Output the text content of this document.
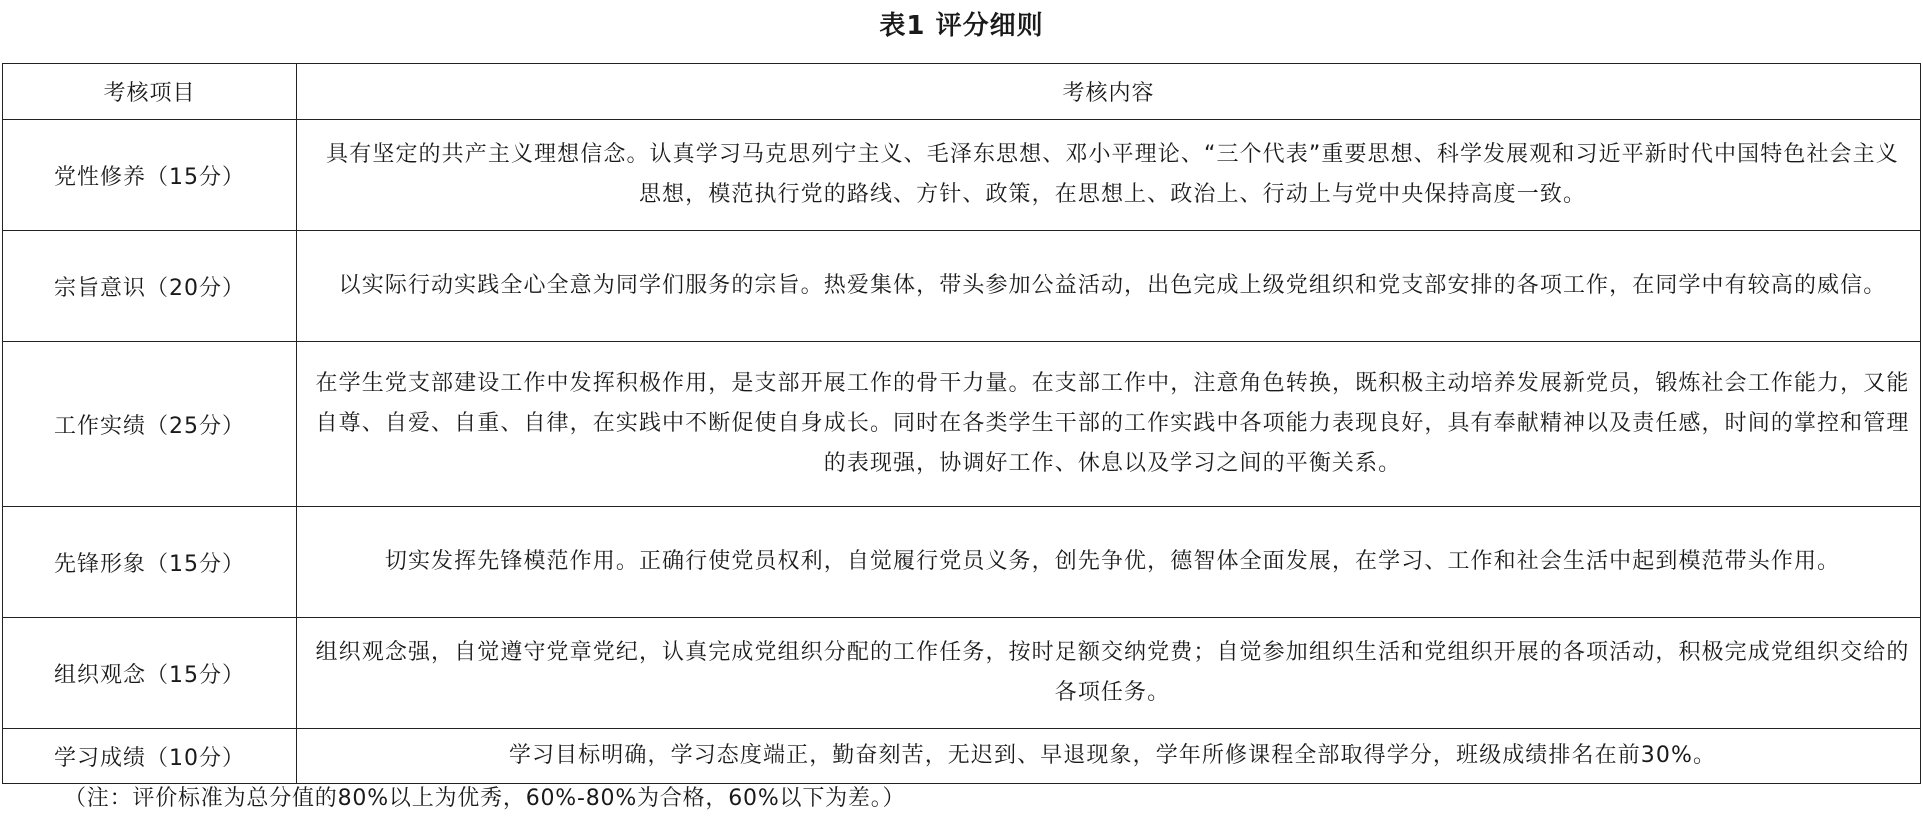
表1 评分细则
考核项目	考核内容
党性修养（15分）	具有坚定的共产主义理想信念。认真学习马克思列宁主义、毛泽东思想、邓小平理论、“三个代表”重要思想、科学发展观和习近平新时代中国特色社会主义思想，模范执行党的路线、方针、政策，在思想上、政治上、行动上与党中央保持高度一致。
宗旨意识（20分）	以实际行动实践全心全意为同学们服务的宗旨。热爱集体，带头参加公益活动，出色完成上级党组织和党支部安排的各项工作，在同学中有较高的威信。
工作实绩（25分）	在学生党支部建设工作中发挥积极作用，是支部开展工作的骨干力量。在支部工作中，注意角色转换，既积极主动培养发展新党员，锻炼社会工作能力，又能自尊、自爱、自重、自律，在实践中不断促使自身成长。同时在各类学生干部的工作实践中各项能力表现良好，具有奉献精神以及责任感，时间的掌控和管理的表现强，协调好工作、休息以及学习之间的平衡关系。
先锋形象（15分）	切实发挥先锋模范作用。正确行使党员权利，自觉履行党员义务，创先争优，德智体全面发展，在学习、工作和社会生活中起到模范带头作用。
组织观念（15分）	组织观念强，自觉遵守党章党纪，认真完成党组织分配的工作任务，按时足额交纳党费；自觉参加组织生活和党组织开展的各项活动，积极完成党组织交给的各项任务。
学习成绩（10分）	学习目标明确，学习态度端正，勤奋刻苦，无迟到、早退现象，学年所修课程全部取得学分，班级成绩排名在前30%。
（注：评价标准为总分值的80%以上为优秀，60%-80%为合格，60%以下为差。）
